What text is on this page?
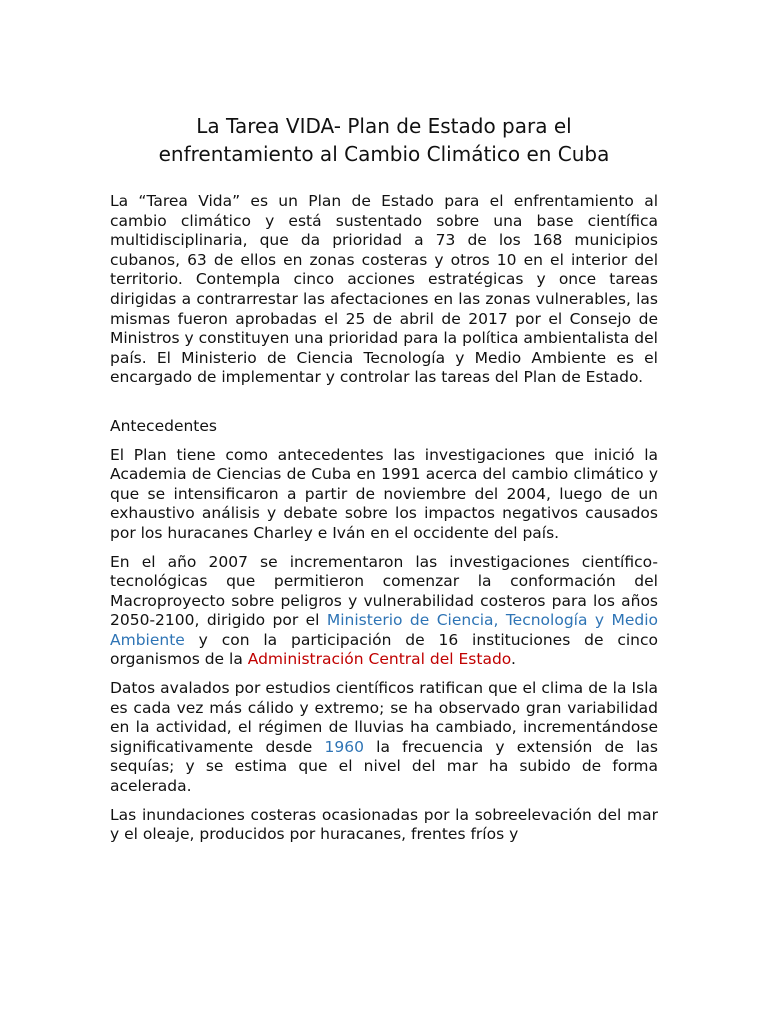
La Tarea VIDA- Plan de Estado para el
enfrentamiento al Cambio Climático en Cuba

La “Tarea Vida” es un Plan de Estado para el enfrentamiento al cambio climático y está sustentado sobre una base científica multidisciplinaria, que da prioridad a 73 de los 168 municipios cubanos, 63 de ellos en zonas costeras y otros 10 en el interior del territorio. Contempla cinco acciones estratégicas y once tareas dirigidas a contrarrestar las afectaciones en las zonas vulnerables, las mismas fueron aprobadas el 25 de abril de 2017 por el Consejo de Ministros y constituyen una prioridad para la política ambientalista del país. El Ministerio de Ciencia Tecnología y Medio Ambiente es el encargado de implementar y controlar las tareas del Plan de Estado.

Antecedentes

El Plan tiene como antecedentes las investigaciones que inició la Academia de Ciencias de Cuba en 1991 acerca del cambio climático y que se intensificaron a partir de noviembre del 2004, luego de un exhaustivo análisis y debate sobre los impactos negativos causados por los huracanes Charley e Iván en el occidente del país.

En el año 2007 se incrementaron las investigaciones científico-tecnológicas que permitieron comenzar la conformación del Macroproyecto sobre peligros y vulnerabilidad costeros para los años 2050-2100, dirigido por el Ministerio de Ciencia, Tecnología y Medio Ambiente y con la participación de 16 instituciones de cinco organismos de la Administración Central del Estado.

Datos avalados por estudios científicos ratifican que el clima de la Isla es cada vez más cálido y extremo; se ha observado gran variabilidad en la actividad, el régimen de lluvias ha cambiado, incrementándose significativamente desde 1960 la frecuencia y extensión de las sequías; y se estima que el nivel del mar ha subido de forma acelerada.

Las inundaciones costeras ocasionadas por la sobreelevación del mar y el oleaje, producidos por huracanes, frentes fríos y
